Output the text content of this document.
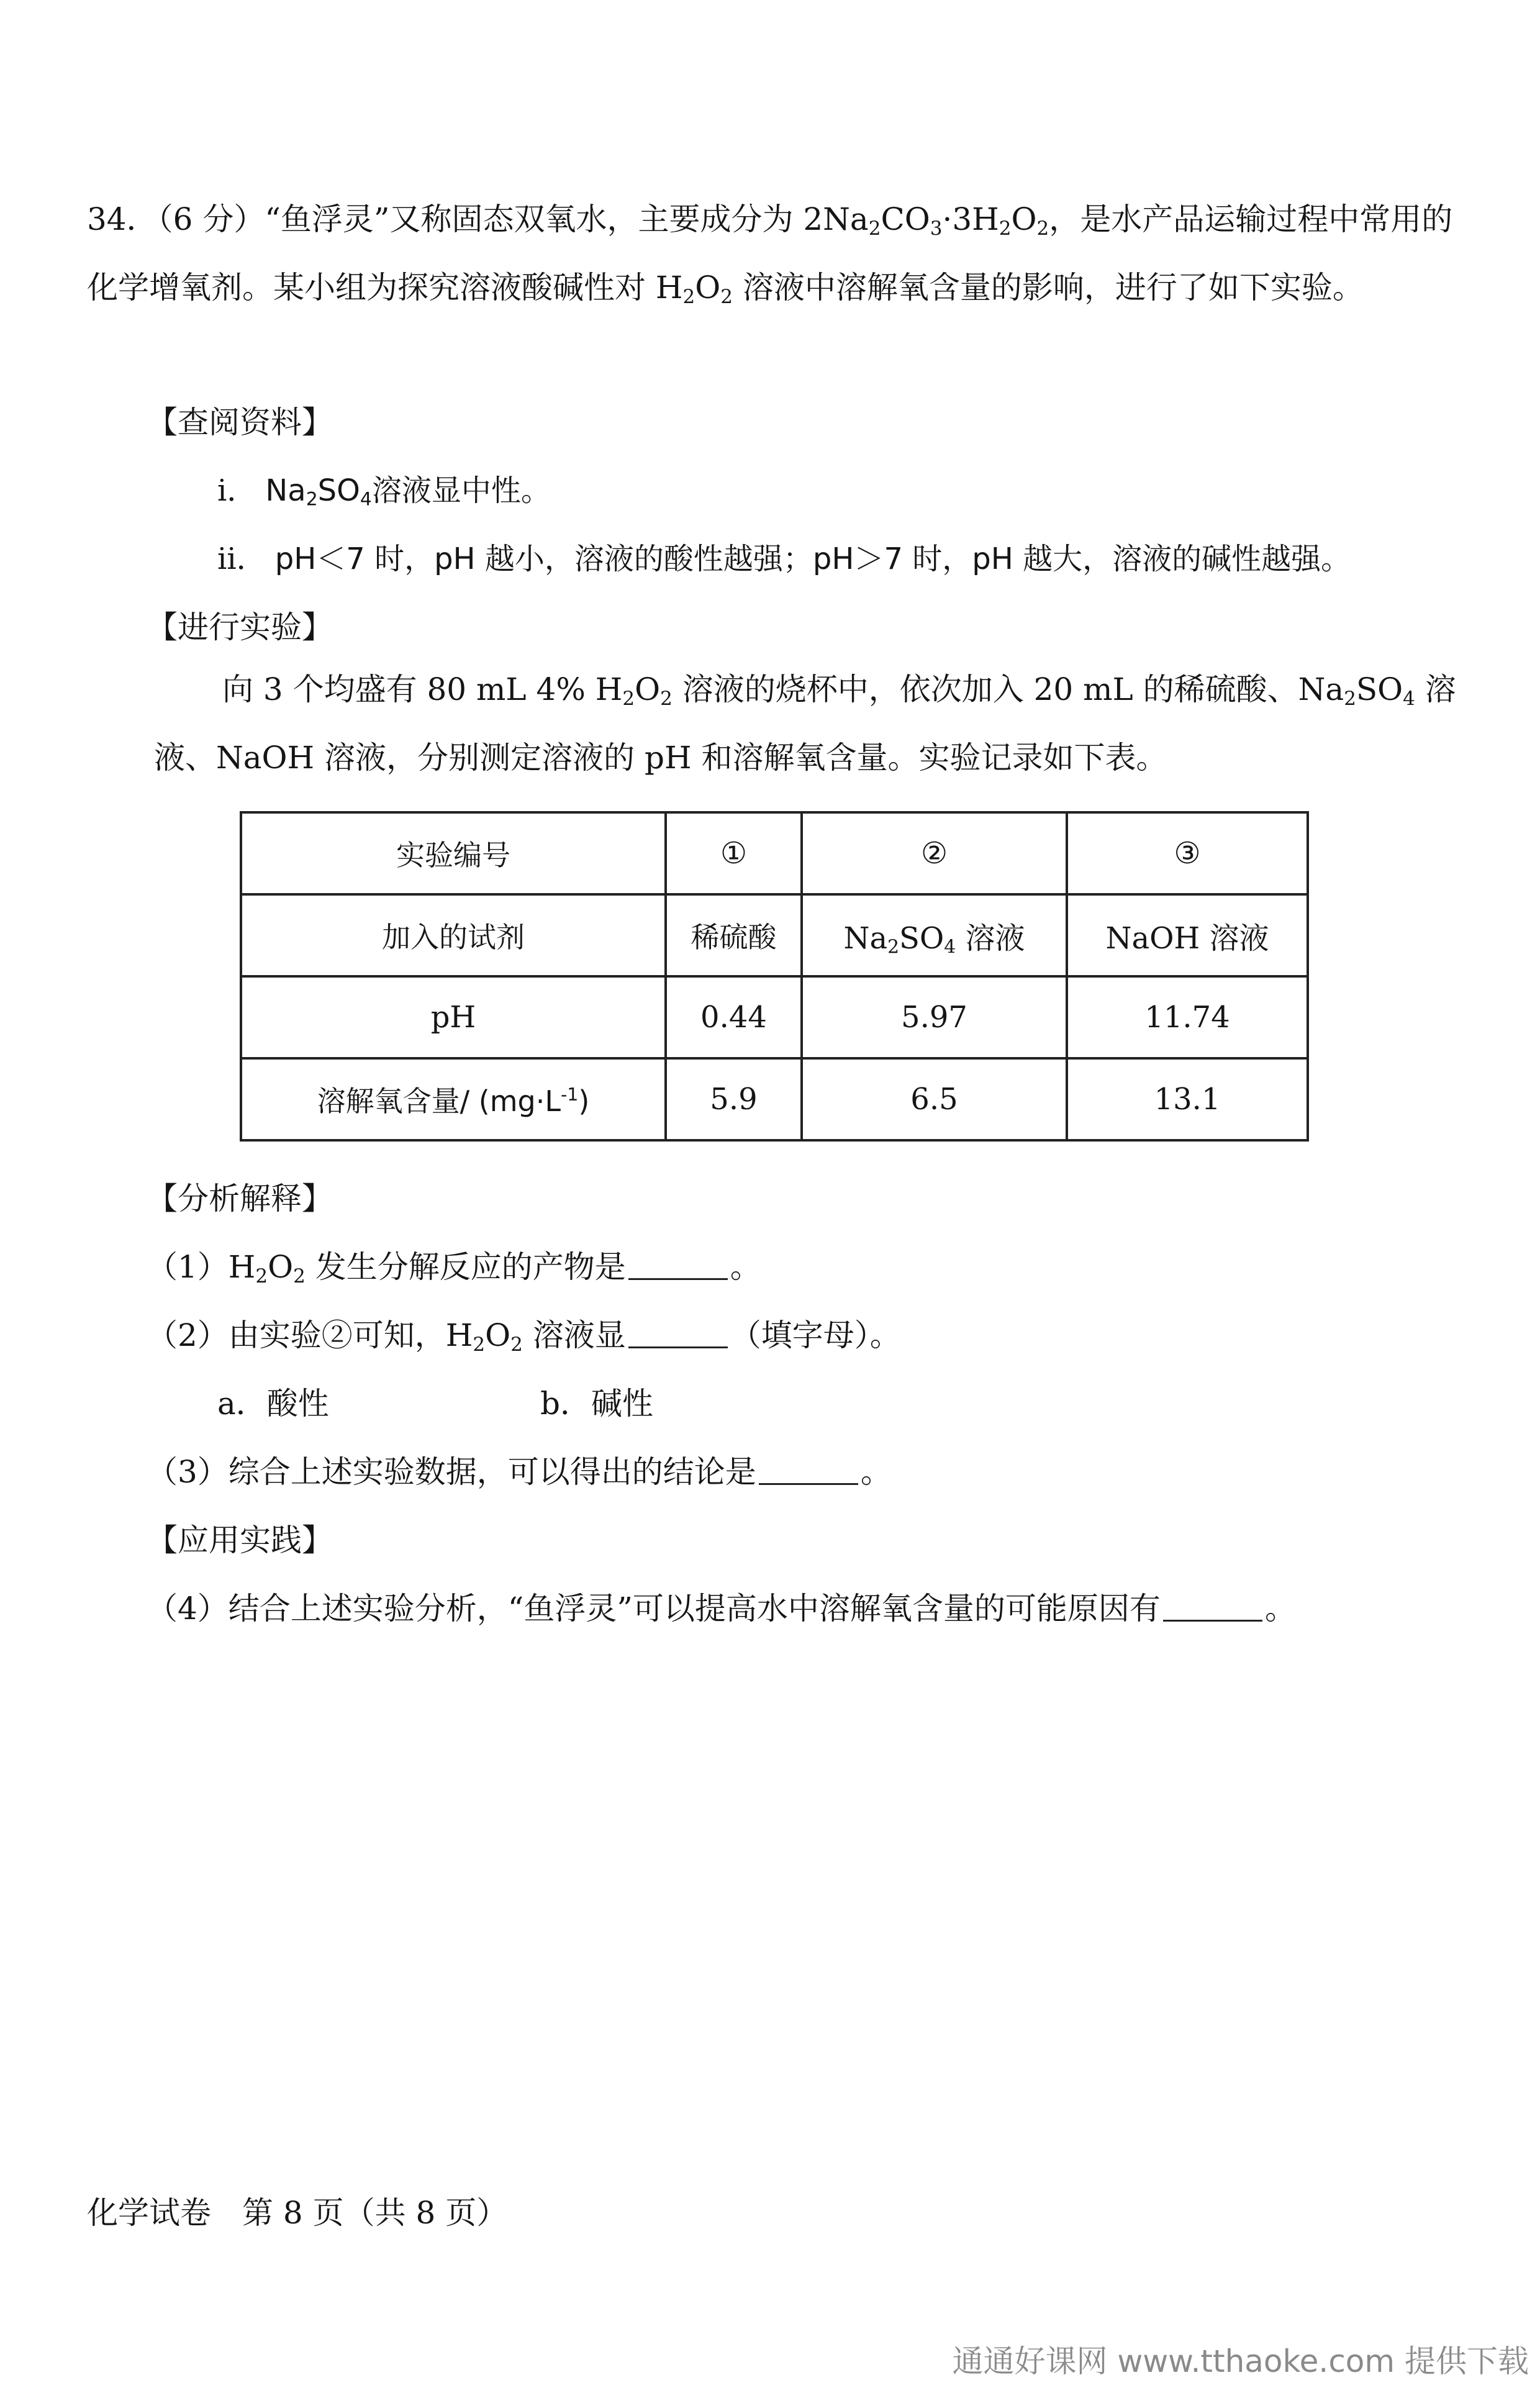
34．（6 分）“鱼浮灵”又称固态双氧水，主要成分为 $2Na_2CO_3\cdot 3H_2O_2$，是水产品运输过程中常用的化学增氧剂。某小组为探究溶液酸碱性对 $H_2O_2$ 溶液中溶解氧含量的影响，进行了如下实验。

【查阅资料】
ⅰ． $Na_2SO_4$溶液显中性。
ⅱ． pH＜7 时，pH 越小，溶液的酸性越强；pH＞7 时，pH 越大，溶液的碱性越强。
【进行实验】

向 3 个均盛有 80 mL 4% $H_2O_2$ 溶液的烧杯中，依次加入 20 mL 的稀硫酸、$Na_2SO_4$ 溶液、NaOH 溶液，分别测定溶液的 pH 和溶解氧含量。实验记录如下表。

实验编号	①	②	③
加入的试剂	稀硫酸	$Na_2SO_4$ 溶液	NaOH 溶液
pH	0.44	5.97	11.74
溶解氧含量/ $(mg\cdot L^{-1})$	5.9	6.5	13.1
【分析解释】
$(1)H_2O_2$ 发生分解反应的产物是	。
（2）由实验②可知，$H_2O_2$ 溶液显	（填字母）。
a．酸性	b．碱性
（3）综合上述实验数据，可以得出的结论是	。
【应用实践】
（4）结合上述实验分析，“鱼浮灵”可以提高水中溶解氧含量的可能原因有	。
化学试卷　第 8 页（共 8 页）
通通好课网 www.tthaoke.com 提供下载
